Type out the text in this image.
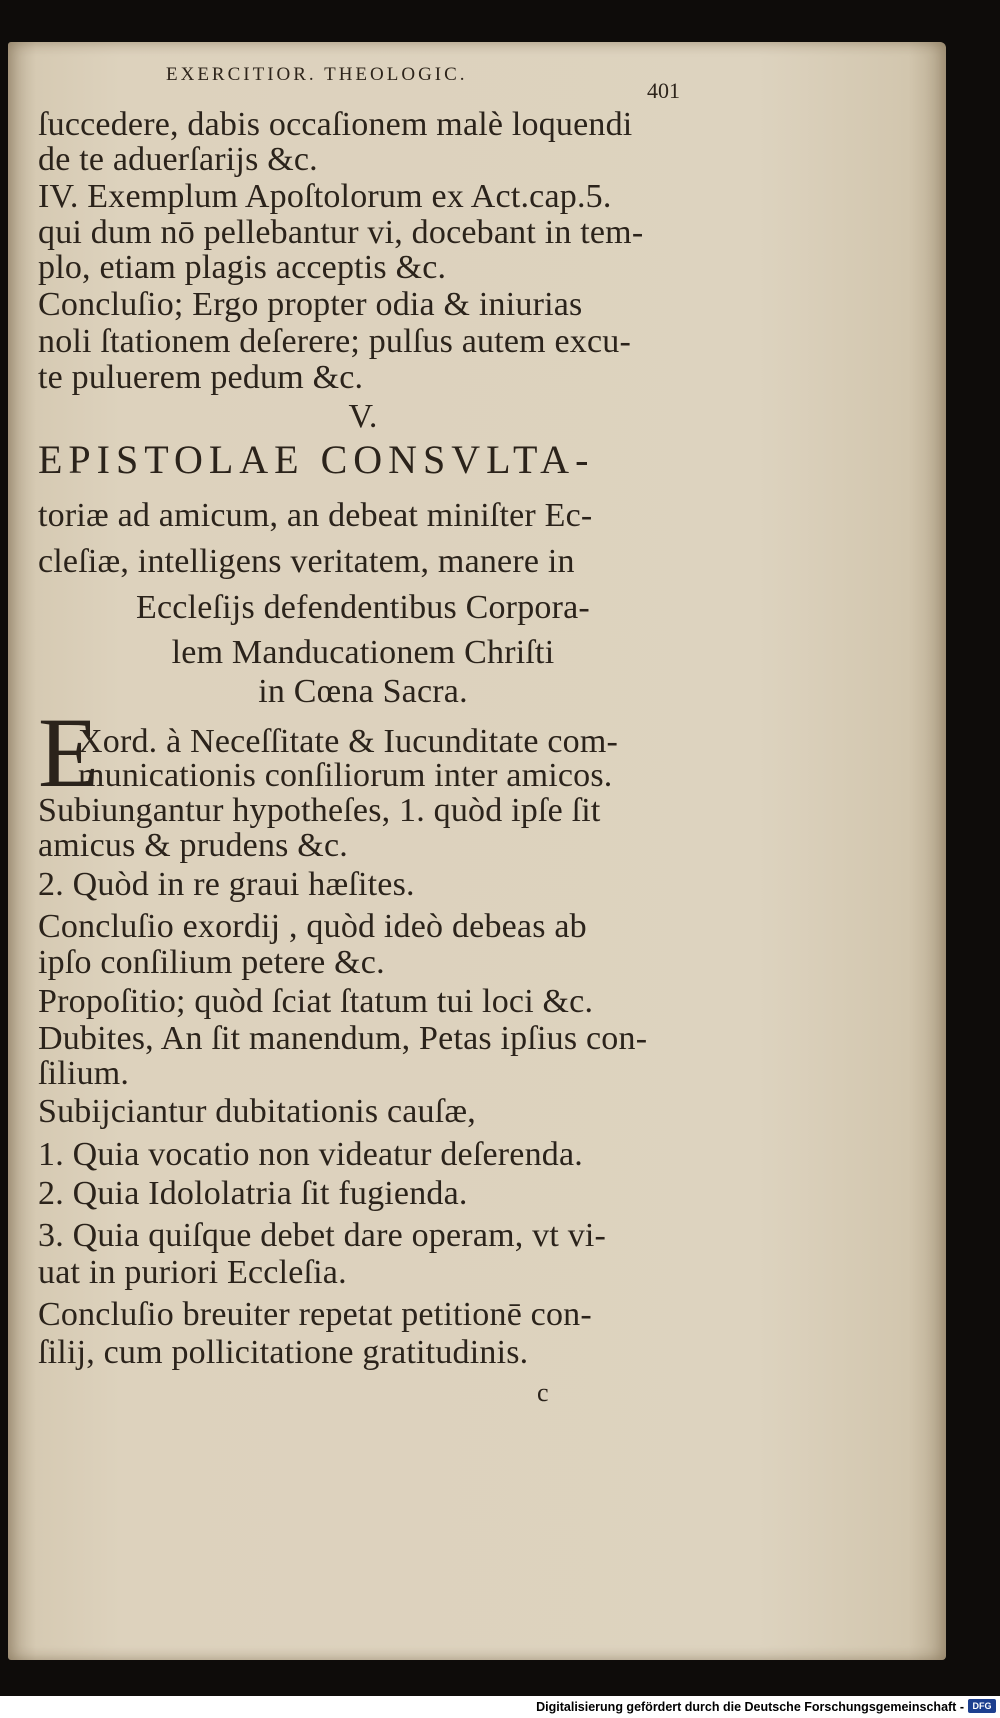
EXERCITIOR. THEOLOGIC.
401
ſuccedere, dabis occaſionem malè loquendi
de te aduerſarijs &c.
IV. Exemplum Apoſtolorum ex Act.cap.5.
qui dum nō pellebantur vi, docebant in tem-
plo, etiam plagis acceptis &c.
Concluſio; Ergo propter odia & iniurias
noli ſtationem deſerere; pulſus autem excu-
te puluerem pedum &c.
V.
EPISTOLAE CONSVLTA-
toriæ ad amicum, an debeat miniſter Ec-
cleſiæ, intelligens veritatem, manere in
Eccleſijs defendentibus Corpora-
lem Manducationem Chriſti
in Cœna Sacra.
E
Xord. à Neceſſitate & Iucunditate com-
municationis conſiliorum inter amicos.
Subiungantur hypotheſes, 1. quòd ipſe ſit
amicus & prudens &c.
2. Quòd in re graui hæſites.
Concluſio exordij , quòd ideò debeas ab
ipſo conſilium petere &c.
Propoſitio; quòd ſciat ſtatum tui loci &c.
Dubites, An ſit manendum, Petas ipſius con-
ſilium.
Subijciantur dubitationis cauſæ,
1. Quia vocatio non videatur deſerenda.
2. Quia Idololatria ſit fugienda.
3. Quia quiſque debet dare operam, vt vi-
uat in puriori Eccleſia.
Concluſio breuiter repetat petitionē con-
ſilij, cum pollicitatione gratitudinis.
c
Digitalisierung gefördert durch die Deutsche Forschungsgemeinschaft - DFG
